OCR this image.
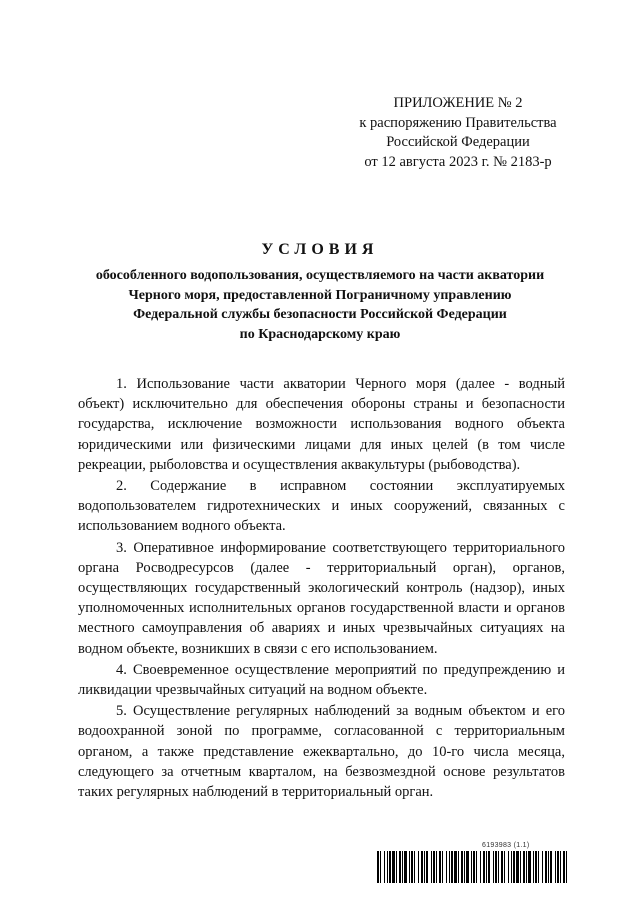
ПРИЛОЖЕНИЕ № 2
к распоряжению Правительства
Российской Федерации
от 12 августа 2023 г. № 2183-р
УСЛОВИЯ
обособленного водопользования, осуществляемого на части акватории
Черного моря, предоставленной Пограничному управлению
Федеральной службы безопасности Российской Федерации
по Краснодарскому краю

1. Использование части акватории Черного моря (далее - водный объект) исключительно для обеспечения обороны страны и безопасности государства, исключение возможности использования водного объекта юридическими или физическими лицами для иных целей (в том числе рекреации, рыболовства и осуществления аквакультуры (рыбоводства).

2. Содержание в исправном состоянии эксплуатируемых водопользователем гидротехнических и иных сооружений, связанных с использованием водного объекта.

3. Оперативное информирование соответствующего территориального органа Росводресурсов (далее - территориальный орган), органов, осуществляющих государственный экологический контроль (надзор), иных уполномоченных исполнительных органов государственной власти и органов местного самоуправления об авариях и иных чрезвычайных ситуациях на водном объекте, возникших в связи с его использованием.

4. Своевременное осуществление мероприятий по предупреждению и ликвидации чрезвычайных ситуаций на водном объекте.

5. Осуществление регулярных наблюдений за водным объектом и его водоохранной зоной по программе, согласованной с территориальным органом, а также представление ежеквартально, до 10-го числа месяца, следующего за отчетным кварталом, на безвозмездной основе результатов таких регулярных наблюдений в территориальный орган.

6193983 (1.1)
